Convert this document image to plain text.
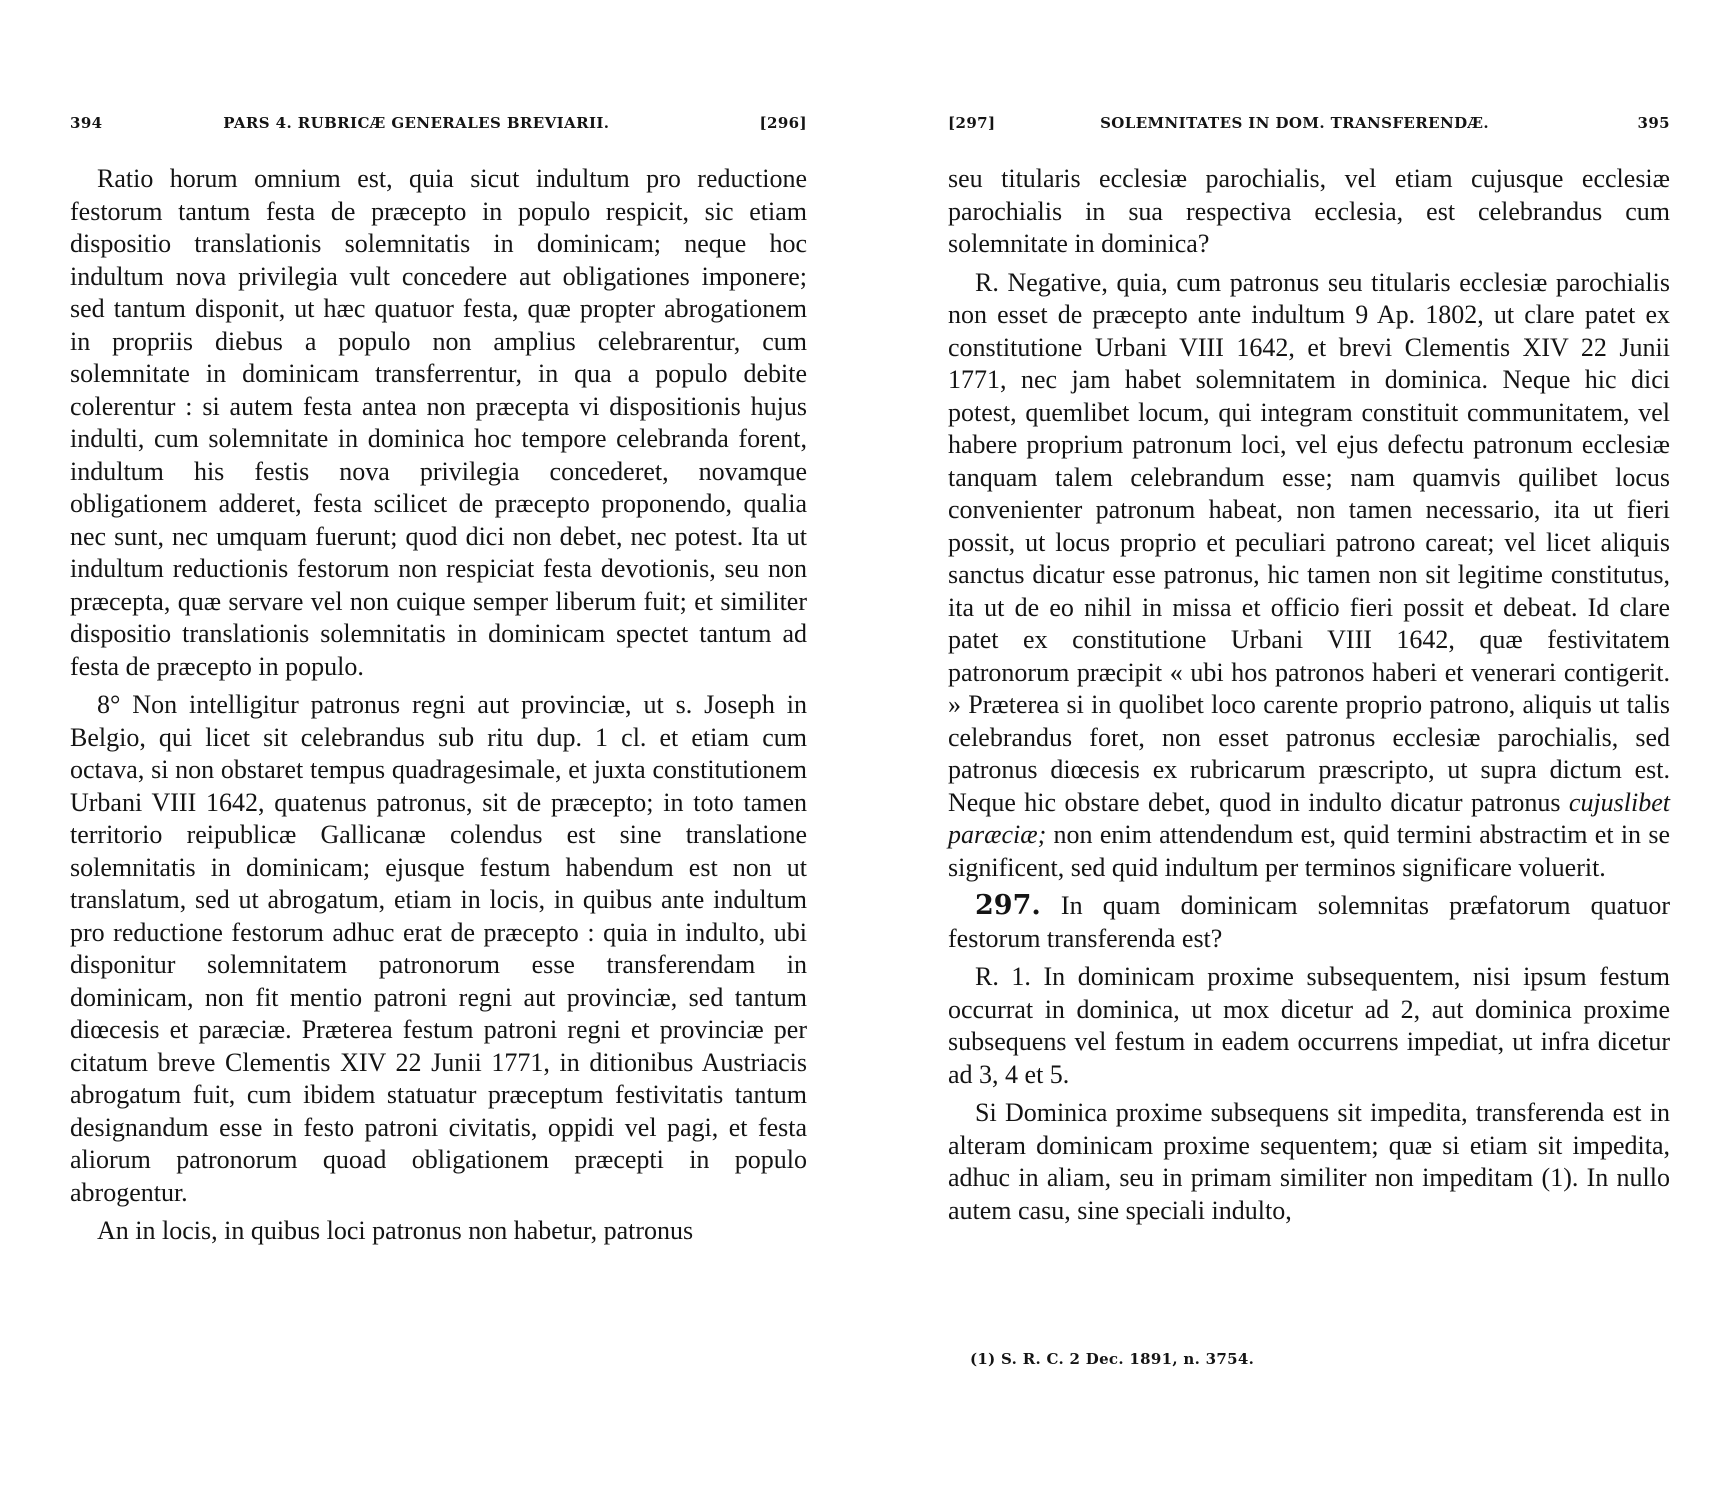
394	PARS 4. RUBRICÆ GENERALES BREVIARII.	[296]

Ratio horum omnium est, quia sicut indultum pro reductione festorum tantum festa de præcepto in populo respicit, sic etiam dispositio translationis solemnitatis in dominicam; neque hoc indultum nova privilegia vult concedere aut obligationes imponere; sed tantum disponit, ut hæc quatuor festa, quæ propter abrogationem in propriis diebus a populo non amplius celebrarentur, cum solemnitate in dominicam transferrentur, in qua a populo debite colerentur : si autem festa antea non præcepta vi dispositionis hujus indulti, cum solemnitate in dominica hoc tempore celebranda forent, indultum his festis nova privilegia concederet, novamque obligationem adderet, festa scilicet de præcepto proponendo, qualia nec sunt, nec umquam fuerunt; quod dici non debet, nec potest. Ita ut indultum reductionis festorum non respiciat festa devotionis, seu non præcepta, quæ servare vel non cuique semper liberum fuit; et similiter dispositio translationis solemnitatis in dominicam spectet tantum ad festa de præcepto in populo.

8° Non intelligitur patronus regni aut provinciæ, ut s. Joseph in Belgio, qui licet sit celebrandus sub ritu dup. 1 cl. et etiam cum octava, si non obstaret tempus quadragesimale, et juxta constitutionem Urbani VIII 1642, quatenus patronus, sit de præcepto; in toto tamen territorio reipublicæ Gallicanæ colendus est sine translatione solemnitatis in dominicam; ejusque festum habendum est non ut translatum, sed ut abrogatum, etiam in locis, in quibus ante indultum pro reductione festorum adhuc erat de præcepto : quia in indulto, ubi disponitur solemnitatem patronorum esse transferendam in dominicam, non fit mentio patroni regni aut provinciæ, sed tantum diœcesis et paræciæ. Præterea festum patroni regni et provinciæ per citatum breve Clementis XIV 22 Junii 1771, in ditionibus Austriacis abrogatum fuit, cum ibidem statuatur præceptum festivitatis tantum designandum esse in festo patroni civitatis, oppidi vel pagi, et festa aliorum patronorum quoad obligationem præcepti in populo abrogentur.

An in locis, in quibus loci patronus non habetur, patronus

[297]	SOLEMNITATES IN DOM. TRANSFERENDÆ.	395

seu titularis ecclesiæ parochialis, vel etiam cujusque ecclesiæ parochialis in sua respectiva ecclesia, est celebrandus cum solemnitate in dominica?

R. Negative, quia, cum patronus seu titularis ecclesiæ parochialis non esset de præcepto ante indultum 9 Ap. 1802, ut clare patet ex constitutione Urbani VIII 1642, et brevi Clementis XIV 22 Junii 1771, nec jam habet solemnitatem in dominica. Neque hic dici potest, quemlibet locum, qui integram constituit communitatem, vel habere proprium patronum loci, vel ejus defectu patronum ecclesiæ tanquam talem celebrandum esse; nam quamvis quilibet locus convenienter patronum habeat, non tamen necessario, ita ut fieri possit, ut locus proprio et peculiari patrono careat; vel licet aliquis sanctus dicatur esse patronus, hic tamen non sit legitime constitutus, ita ut de eo nihil in missa et officio fieri possit et debeat. Id clare patet ex constitutione Urbani VIII 1642, quæ festivitatem patronorum præcipit « ubi hos patronos haberi et venerari contigerit. » Præterea si in quolibet loco carente proprio patrono, aliquis ut talis celebrandus foret, non esset patronus ecclesiæ parochialis, sed patronus diœcesis ex rubricarum præscripto, ut supra dictum est. Neque hic obstare debet, quod in indulto dicatur patronus cujuslibet paræciæ; non enim attendendum est, quid termini abstractim et in se significent, sed quid indultum per terminos significare voluerit.

297. In quam dominicam solemnitas præfatorum quatuor festorum transferenda est?

R. 1. In dominicam proxime subsequentem, nisi ipsum festum occurrat in dominica, ut mox dicetur ad 2, aut dominica proxime subsequens vel festum in eadem occurrens impediat, ut infra dicetur ad 3, 4 et 5.

Si Dominica proxime subsequens sit impedita, transferenda est in alteram dominicam proxime sequentem; quæ si etiam sit impedita, adhuc in aliam, seu in primam similiter non impeditam (1). In nullo autem casu, sine speciali indulto,

(1) S. R. C. 2 Dec. 1891, n. 3754.
